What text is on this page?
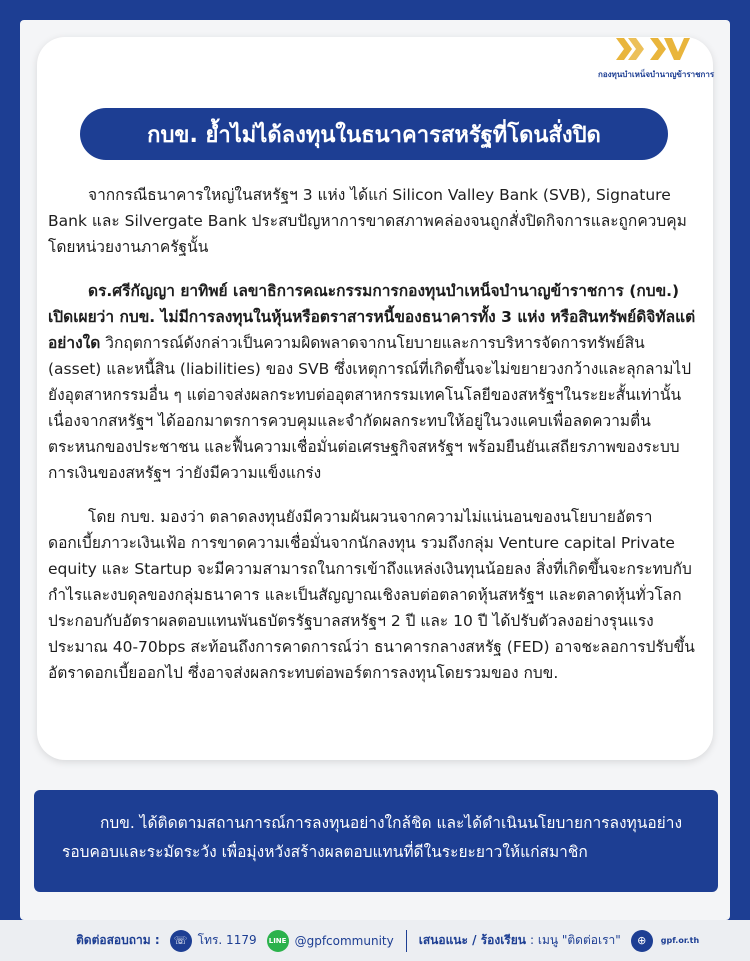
กองทุนบำเหน็จบำนาญข้าราชการ
กบข. ย้ำไม่ได้ลงทุนในธนาคารสหรัฐที่โดนสั่งปิด

จากกรณีธนาคารใหญ่ในสหรัฐฯ 3 แห่ง ได้แก่ Silicon Valley Bank (SVB), Signature Bank และ Silvergate Bank ประสบปัญหาการขาดสภาพคล่องจนถูกสั่งปิดกิจการและถูกควบคุมโดยหน่วยงานภาครัฐนั้น

ดร.ศรีกัญญา ยาทิพย์ เลขาธิการคณะกรรมการกองทุนบำเหน็จบำนาญข้าราชการ (กบข.) เปิดเผยว่า กบข. ไม่มีการลงทุนในหุ้นหรือตราสารหนี้ของธนาคารทั้ง 3 แห่ง หรือสินทรัพย์ดิจิทัลแต่อย่างใด วิกฤตการณ์ดังกล่าวเป็นความผิดพลาดจากนโยบายและการบริหารจัดการทรัพย์สิน (asset) และหนี้สิน (liabilities) ของ SVB ซึ่งเหตุการณ์ที่เกิดขึ้นจะไม่ขยายวงกว้างและลุกลามไปยังอุตสาหกรรมอื่น ๆ แต่อาจส่งผลกระทบต่ออุตสาหกรรมเทคโนโลยีของสหรัฐฯในระยะสั้นเท่านั้น เนื่องจากสหรัฐฯ ได้ออกมาตรการควบคุมและจำกัดผลกระทบให้อยู่ในวงแคบเพื่อลดความตื่นตระหนกของประชาชน และฟื้นความเชื่อมั่นต่อเศรษฐกิจสหรัฐฯ พร้อมยืนยันเสถียรภาพของระบบการเงินของสหรัฐฯ ว่ายังมีความแข็งแกร่ง

โดย กบข. มองว่า ตลาดลงทุนยังมีความผันผวนจากความไม่แน่นอนของนโยบายอัตราดอกเบี้ยภาวะเงินเฟ้อ การขาดความเชื่อมั่นจากนักลงทุน รวมถึงกลุ่ม Venture capital Private equity และ Startup จะมีความสามารถในการเข้าถึงแหล่งเงินทุนน้อยลง สิ่งที่เกิดขึ้นจะกระทบกับกำไรและงบดุลของกลุ่มธนาคาร และเป็นสัญญาณเชิงลบต่อตลาดหุ้นสหรัฐฯ และตลาดหุ้นทั่วโลกประกอบกับอัตราผลตอบแทนพันธบัตรรัฐบาลสหรัฐฯ 2 ปี และ 10 ปี ได้ปรับตัวลงอย่างรุนแรงประมาณ 40-70bps สะท้อนถึงการคาดการณ์ว่า ธนาคารกลางสหรัฐ (FED) อาจชะลอการปรับขึ้นอัตราดอกเบี้ยออกไป ซึ่งอาจส่งผลกระทบต่อพอร์ตการลงทุนโดยรวมของ กบข.

กบข. ได้ติดตามสถานการณ์การลงทุนอย่างใกล้ชิด และได้ดำเนินนโยบายการลงทุนอย่างรอบคอบและระมัดระวัง เพื่อมุ่งหวังสร้างผลตอบแทนที่ดีในระยะยาวให้แก่สมาชิก
ติดต่อสอบถาม :	☏ โทร. 1179	LINE @gpfcommunity เสนอแนะ / ร้องเรียน : เมนู "ติดต่อเรา"	⊕	gpf.or.th
